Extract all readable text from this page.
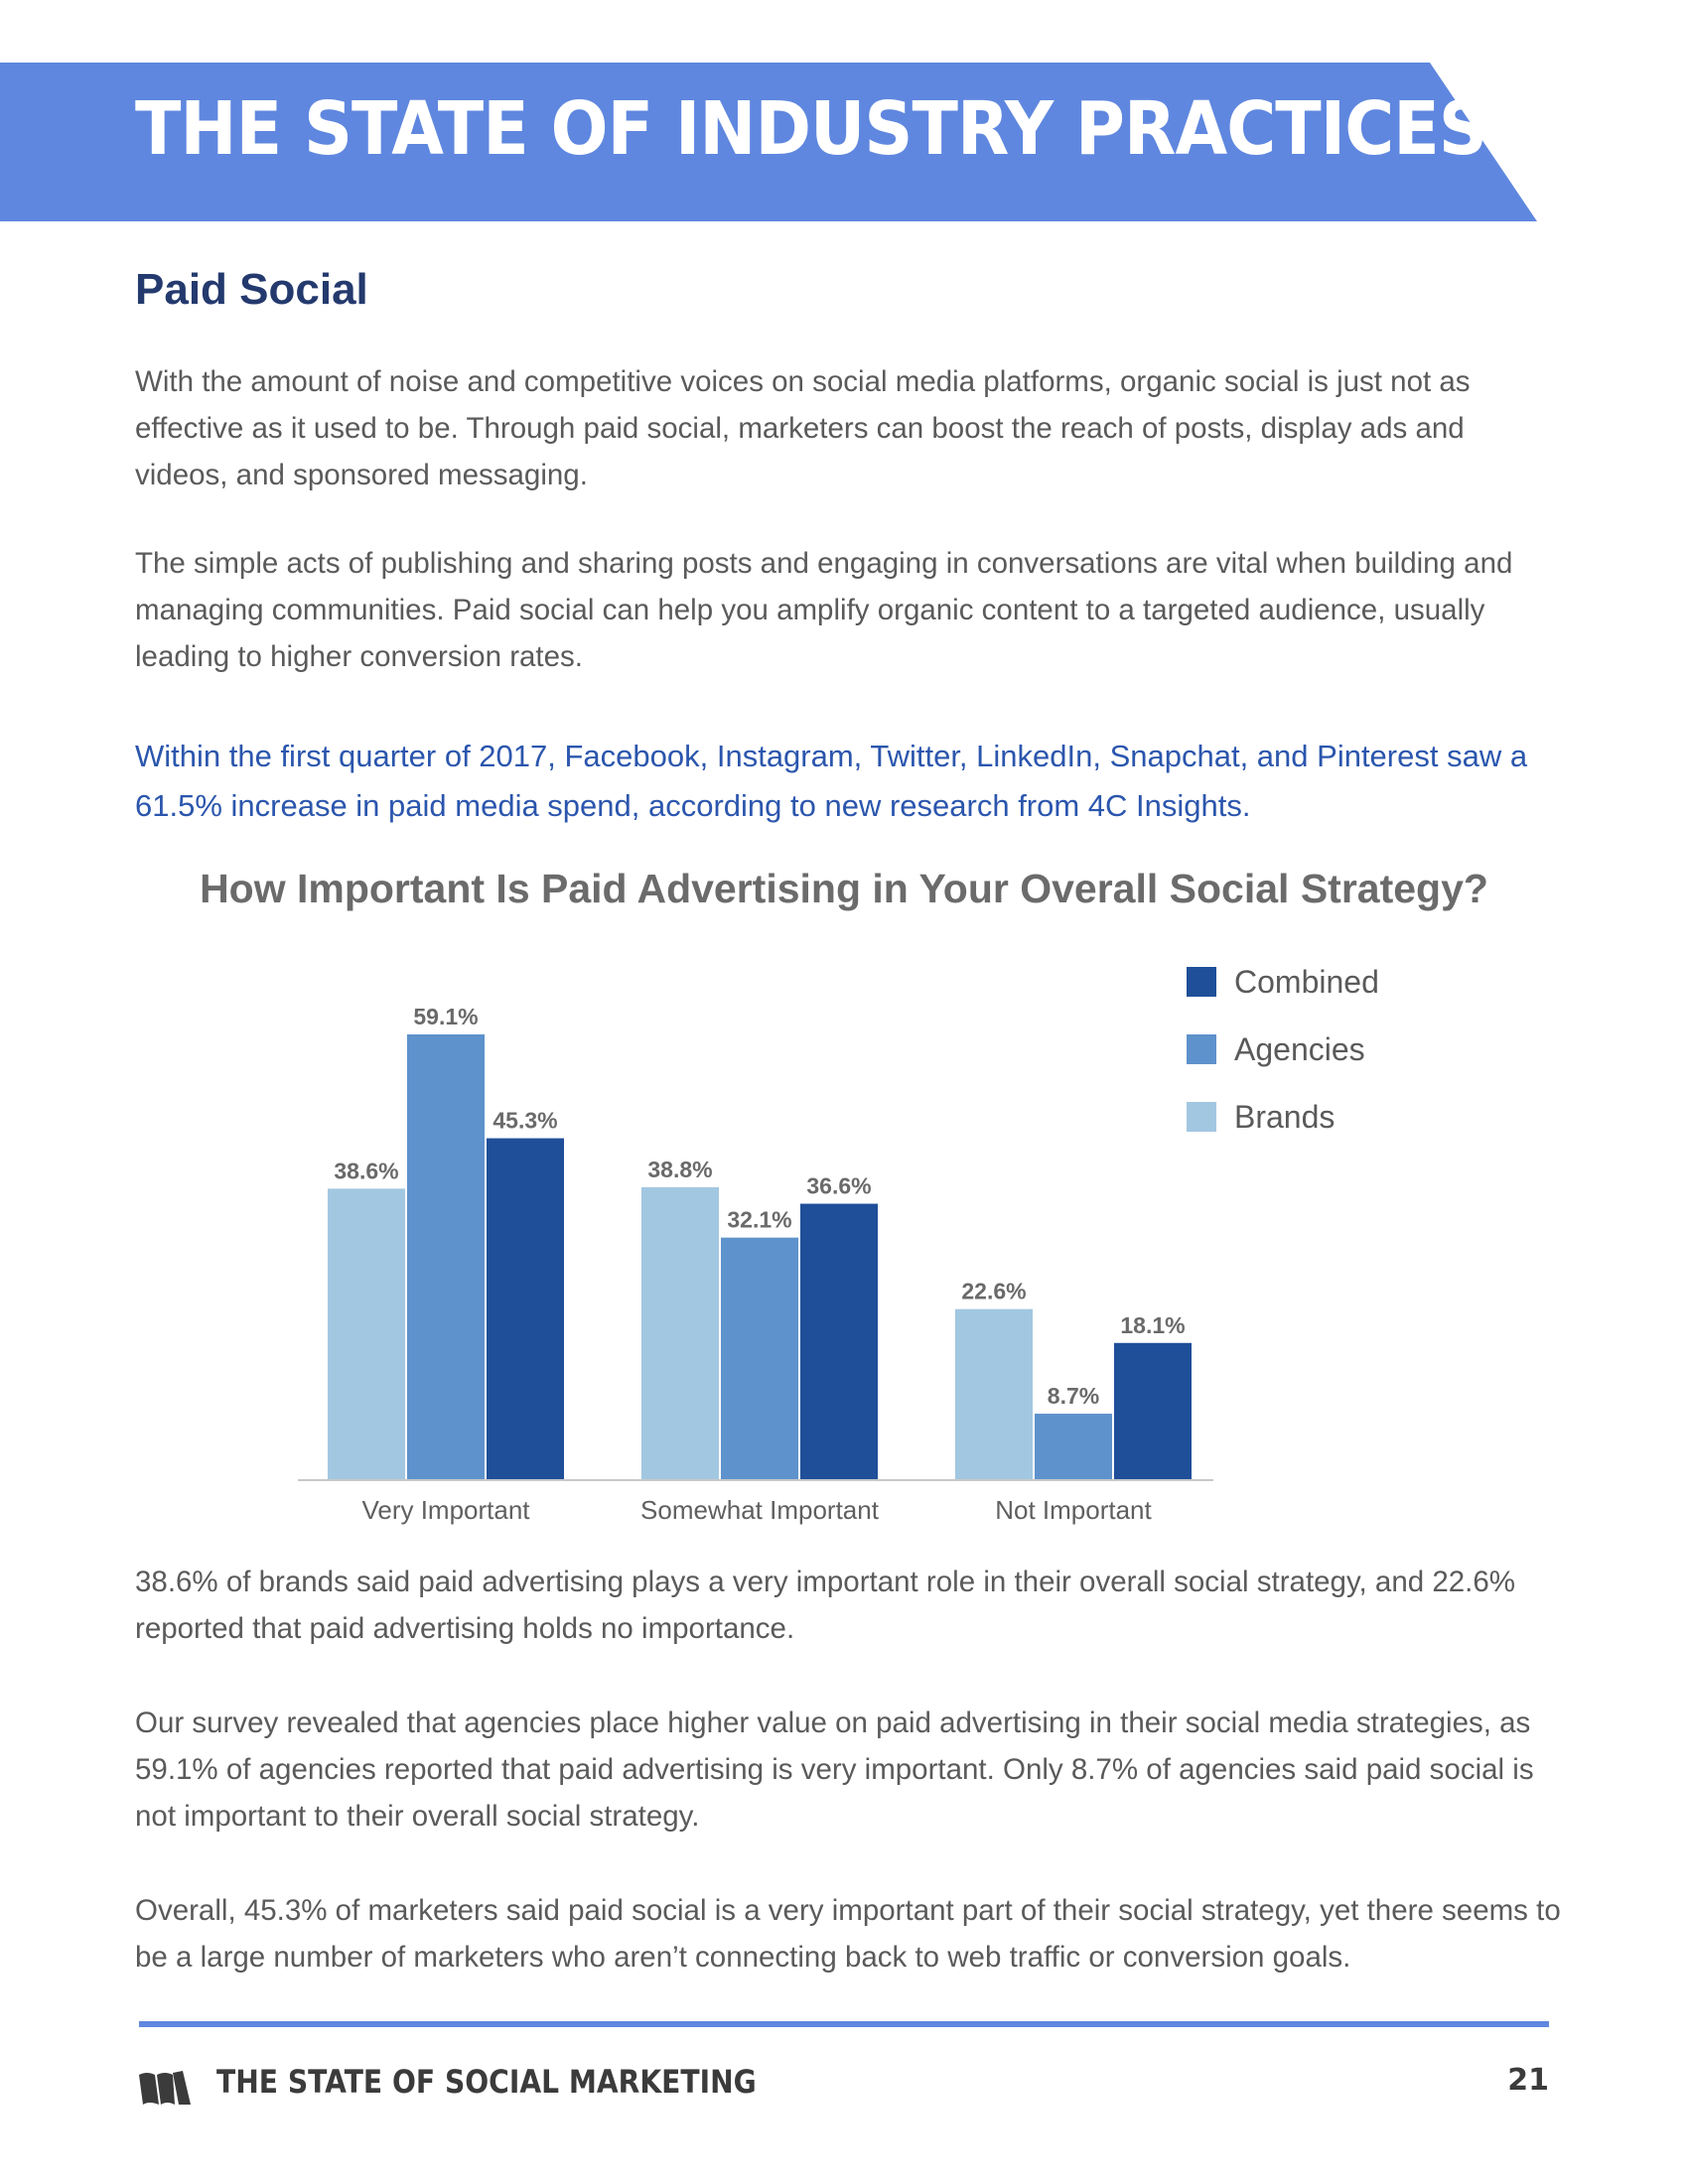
THE STATE OF INDUSTRY PRACTICES
Paid Social
With the amount of noise and competitive voices on social media platforms, organic social is just not as effective as it used to be. Through paid social, marketers can boost the reach of posts, display ads and videos, and sponsored messaging.
The simple acts of publishing and sharing posts and engaging in conversations are vital when building and managing communities. Paid social can help you amplify organic content to a targeted audience, usually leading to higher conversion rates.
Within the first quarter of 2017, Facebook, Instagram, Twitter, LinkedIn, Snapchat, and Pinterest saw a 61.5% increase in paid media spend, according to new research from 4C Insights.
How Important Is Paid Advertising in Your Overall Social Strategy?
38.6%
59.1%
45.3%
Very Important
38.8%
32.1%
36.6%
Somewhat Important
22.6%
8.7%
18.1%
Not Important
Combined
Agencies
Brands
38.6% of brands said paid advertising plays a very important role in their overall social strategy, and 22.6% reported that paid advertising holds no importance.
Our survey revealed that agencies place higher value on paid advertising in their social media strategies, as 59.1% of agencies reported that paid advertising is very important. Only 8.7% of agencies said paid social is not important to their overall social strategy.
Overall, 45.3% of marketers said paid social is a very important part of their social strategy, yet there seems to be a large number of marketers who aren’t connecting back to web traffic or conversion goals.
THE STATE OF SOCIAL MARKETING	21
